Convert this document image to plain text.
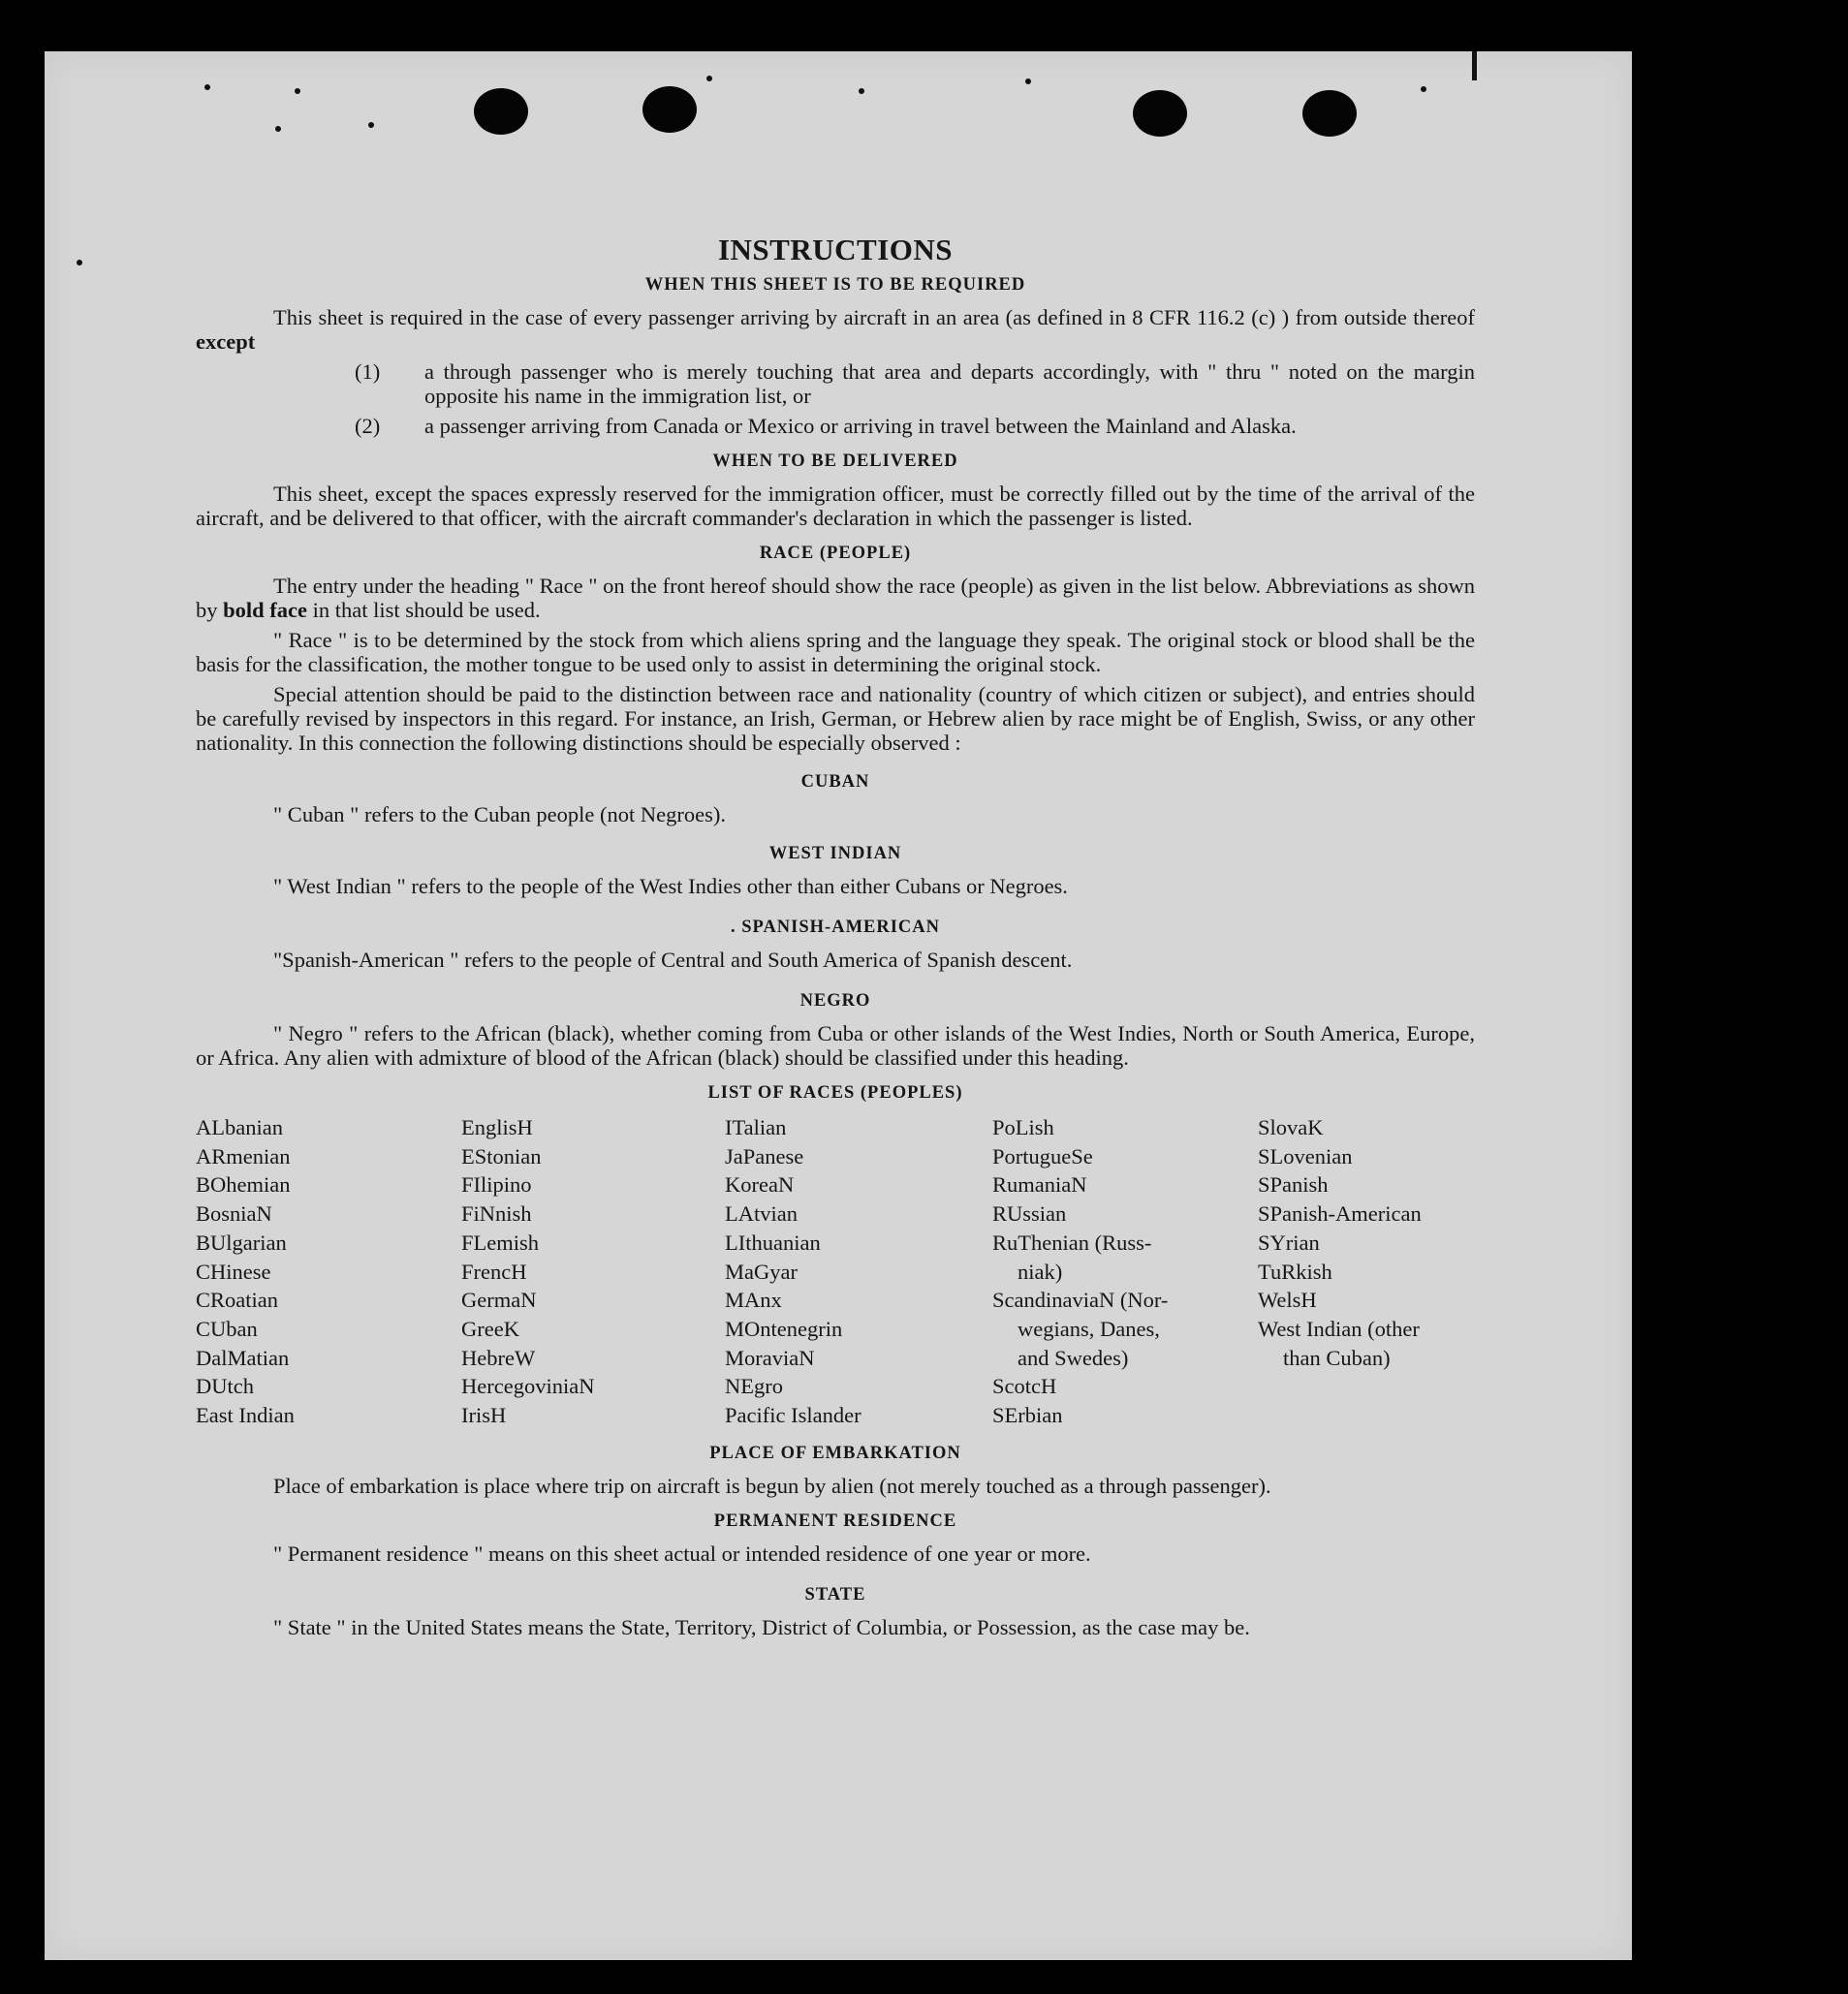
INSTRUCTIONS
WHEN THIS SHEET IS TO BE REQUIRED

This sheet is required in the case of every passenger arriving by aircraft in an area (as defined in 8 CFR 116.2 (c) ) from outside thereof except

(1) a through passenger who is merely touching that area and departs accordingly, with " thru " noted on the margin opposite his name in the immigration list, or
(2) a passenger arriving from Canada or Mexico or arriving in travel between the Mainland and Alaska.
WHEN TO BE DELIVERED

This sheet, except the spaces expressly reserved for the immigration officer, must be correctly filled out by the time of the arrival of the aircraft, and be delivered to that officer, with the aircraft commander's declaration in which the passenger is listed.

RACE (PEOPLE)

The entry under the heading " Race " on the front hereof should show the race (people) as given in the list below. Abbreviations as shown by bold face in that list should be used.

" Race " is to be determined by the stock from which aliens spring and the language they speak. The original stock or blood shall be the basis for the classification, the mother tongue to be used only to assist in determining the original stock.

Special attention should be paid to the distinction between race and nationality (country of which citizen or subject), and entries should be carefully revised by inspectors in this regard. For instance, an Irish, German, or Hebrew alien by race might be of English, Swiss, or any other nationality. In this connection the following distinctions should be especially observed :

CUBAN

" Cuban " refers to the Cuban people (not Negroes).

WEST INDIAN

" West Indian " refers to the people of the West Indies other than either Cubans or Negroes.

. SPANISH-AMERICAN

"Spanish-American " refers to the people of Central and South America of Spanish descent.

NEGRO

" Negro " refers to the African (black), whether coming from Cuba or other islands of the West Indies, North or South America, Europe, or Africa. Any alien with admixture of blood of the African (black) should be classified under this heading.

LIST OF RACES (PEOPLES)
ALbanian
ARmenian
BOhemian
BosniaN
BUlgarian
CHinese
CRoatian
CUban
DalMatian
DUtch
East Indian
EnglisH
EStonian
FIlipino
FiNnish
FLemish
FrencH
GermaN
GreeK
HebreW
HercegoviniaN
IrisH
ITalian
JaPanese
KoreaN
LAtvian
LIthuanian
MaGyar
MAnx
MOntenegrin
MoraviaN
NEgro
Pacific Islander
PoLish
PortugueSe
RumaniaN
RUssian
RuThenian (Russ-
niak)
ScandinaviaN (Nor-
wegians, Danes,
and Swedes)
ScotcH
SErbian
SlovaK
SLovenian
SPanish
SPanish-American
SYrian
TuRkish
WelsH
West Indian (other
than Cuban)
PLACE OF EMBARKATION

Place of embarkation is place where trip on aircraft is begun by alien (not merely touched as a through passenger).

PERMANENT RESIDENCE

" Permanent residence " means on this sheet actual or intended residence of one year or more.

STATE

" State " in the United States means the State, Territory, District of Columbia, or Possession, as the case may be.
